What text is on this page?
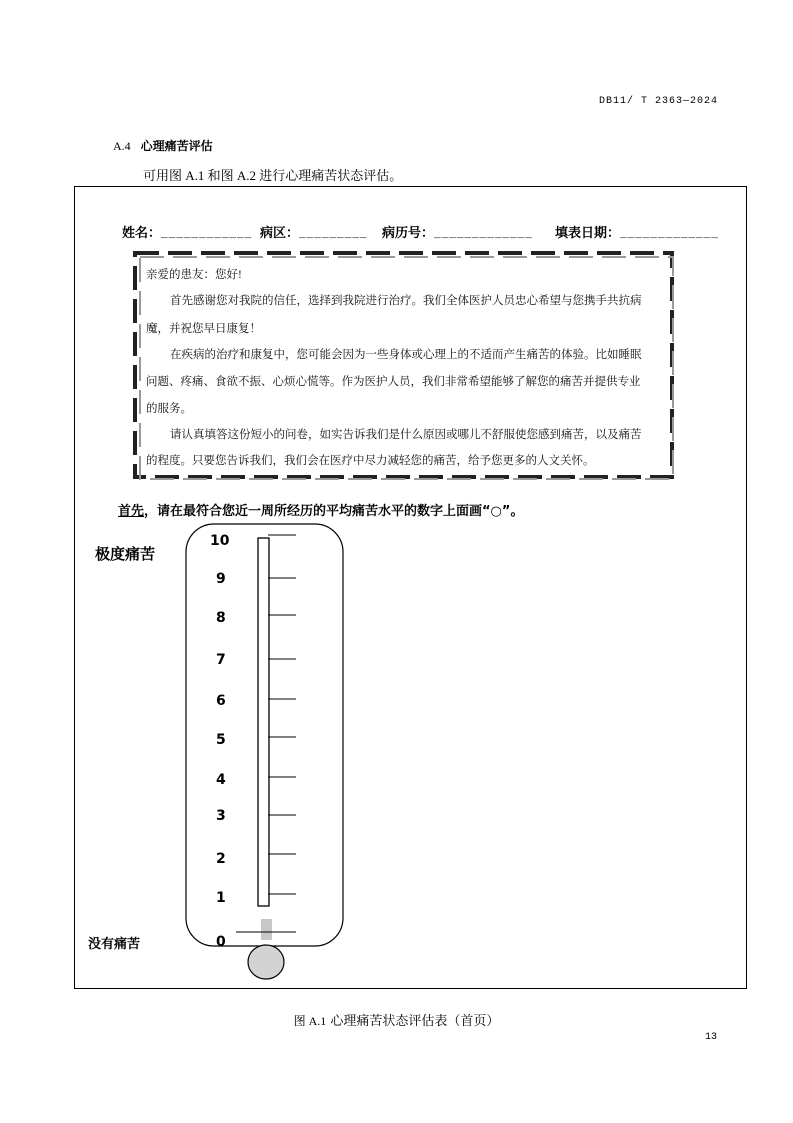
DB11/ T 2363—2024
A.4 心理痛苦评估
可用图 A.1 和图 A.2 进行心理痛苦状态评估。
姓名：____________ 病区：_________ 病历号：_____________ 填表日期：_____________
亲爱的患友：您好!
首先感谢您对我院的信任，选择到我院进行治疗。我们全体医护人员忠心希望与您携手共抗病
魔，并祝您早日康复！
在疾病的治疗和康复中，您可能会因为一些身体或心理上的不适而产生痛苦的体验。比如睡眠
问题、疼痛、食欲不振、心烦心慌等。作为医护人员，我们非常希望能够了解您的痛苦并提供专业
的服务。
请认真填答这份短小的问卷，如实告诉我们是什么原因或哪儿不舒服使您感到痛苦，以及痛苦
的程度。只要您告诉我们，我们会在医疗中尽力减轻您的痛苦，给予您更多的人文关怀。
首先，请在最符合您近一周所经历的平均痛苦水平的数字上面画“○”。
极度痛苦
没有痛苦
10
9
8
7
6
5
4
3
2
1
0
图 A.1 心理痛苦状态评估表（首页）
13
